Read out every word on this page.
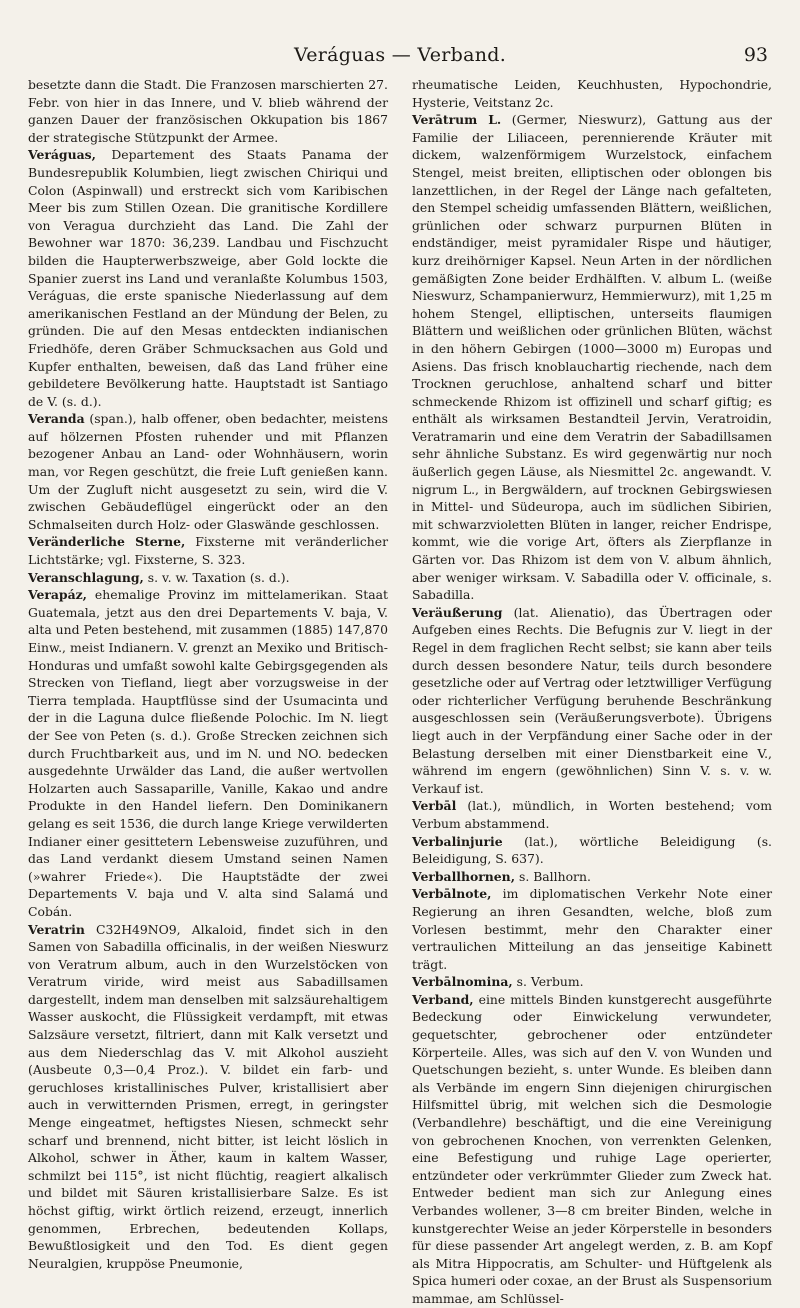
Veráguas — Verband.	93

besetzte dann die Stadt. Die Franzosen marschierten 27. Febr. von hier in das Innere, und V. blieb während der ganzen Dauer der französischen Okkupation bis 1867 der strategische Stützpunkt der Armee.

Veráguas, Departement des Staats Panama der Bundesrepublik Kolumbien, liegt zwischen Chiriqui und Colon (Aspinwall) und erstreckt sich vom Karibischen Meer bis zum Stillen Ozean. Die granitische Kordillere von Veragua durchzieht das Land. Die Zahl der Bewohner war 1870: 36,239. Landbau und Fischzucht bilden die Haupterwerbszweige, aber Gold lockte die Spanier zuerst ins Land und veranlaßte Kolumbus 1503, Veráguas, die erste spanische Niederlassung auf dem amerikanischen Festland an der Mündung der Belen, zu gründen. Die auf den Mesas entdeckten indianischen Friedhöfe, deren Gräber Schmucksachen aus Gold und Kupfer enthalten, beweisen, daß das Land früher eine gebildetere Bevölkerung hatte. Hauptstadt ist Santiago de V. (s. d.).

Veranda (span.), halb offener, oben bedachter, meistens auf hölzernen Pfosten ruhender und mit Pflanzen bezogener Anbau an Land- oder Wohnhäusern, worin man, vor Regen geschützt, die freie Luft genießen kann. Um der Zugluft nicht ausgesetzt zu sein, wird die V. zwischen Gebäudeflügel eingerückt oder an den Schmalseiten durch Holz- oder Glaswände geschlossen.

Veränderliche Sterne, Fixsterne mit veränderlicher Lichtstärke; vgl. Fixsterne, S. 323.

Veranschlagung, s. v. w. Taxation (s. d.).

Verapáz, ehemalige Provinz im mittelamerikan. Staat Guatemala, jetzt aus den drei Departements V. baja, V. alta und Peten bestehend, mit zusammen (1885) 147,870 Einw., meist Indianern. V. grenzt an Mexiko und Britisch-Honduras und umfaßt sowohl kalte Gebirgsgegenden als Strecken von Tiefland, liegt aber vorzugsweise in der Tierra templada. Hauptflüsse sind der Usumacinta und der in die Laguna dulce fließende Polochic. Im N. liegt der See von Peten (s. d.). Große Strecken zeichnen sich durch Fruchtbarkeit aus, und im N. und NO. bedecken ausgedehnte Urwälder das Land, die außer wertvollen Holzarten auch Sassaparille, Vanille, Kakao und andre Produkte in den Handel liefern. Den Dominikanern gelang es seit 1536, die durch lange Kriege verwilderten Indianer einer gesittetern Lebensweise zuzuführen, und das Land verdankt diesem Umstand seinen Namen (»wahrer Friede«). Die Hauptstädte der zwei Departements V. baja und V. alta sind Salamá und Cobán.

Veratrin C32H49NO9, Alkaloid, findet sich in den Samen von Sabadilla officinalis, in der weißen Nieswurz von Veratrum album, auch in den Wurzelstöcken von Veratrum viride, wird meist aus Sabadillsamen dargestellt, indem man denselben mit salzsäurehaltigem Wasser auskocht, die Flüssigkeit verdampft, mit etwas Salzsäure versetzt, filtriert, dann mit Kalk versetzt und aus dem Niederschlag das V. mit Alkohol auszieht (Ausbeute 0,3—0,4 Proz.). V. bildet ein farb- und geruchloses kristallinisches Pulver, kristallisiert aber auch in verwitternden Prismen, erregt, in geringster Menge eingeatmet, heftigstes Niesen, schmeckt sehr scharf und brennend, nicht bitter, ist leicht löslich in Alkohol, schwer in Äther, kaum in kaltem Wasser, schmilzt bei 115°, ist nicht flüchtig, reagiert alkalisch und bildet mit Säuren kristallisierbare Salze. Es ist höchst giftig, wirkt örtlich reizend, erzeugt, innerlich genommen, Erbrechen, bedeutenden Kollaps, Bewußtlosigkeit und den Tod. Es dient gegen Neuralgien, kruppöse Pneumonie,

rheumatische Leiden, Keuchhusten, Hypochondrie, Hysterie, Veitstanz 2c.

Verātrum L. (Germer, Nieswurz), Gattung aus der Familie der Liliaceen, perennierende Kräuter mit dickem, walzenförmigem Wurzelstock, einfachem Stengel, meist breiten, elliptischen oder oblongen bis lanzettlichen, in der Regel der Länge nach gefalteten, den Stempel scheidig umfassenden Blättern, weißlichen, grünlichen oder schwarz purpurnen Blüten in endständiger, meist pyramidaler Rispe und häutiger, kurz dreihörniger Kapsel. Neun Arten in der nördlichen gemäßigten Zone beider Erdhälften. V. album L. (weiße Nieswurz, Schampanierwurz, Hemmierwurz), mit 1,25 m hohem Stengel, elliptischen, unterseits flaumigen Blättern und weißlichen oder grünlichen Blüten, wächst in den höhern Gebirgen (1000—3000 m) Europas und Asiens. Das frisch knoblauchartig riechende, nach dem Trocknen geruchlose, anhaltend scharf und bitter schmeckende Rhizom ist offizinell und scharf giftig; es enthält als wirksamen Bestandteil Jervin, Veratroidin, Veratramarin und eine dem Veratrin der Sabadillsamen sehr ähnliche Substanz. Es wird gegenwärtig nur noch äußerlich gegen Läuse, als Niesmittel 2c. angewandt. V. nigrum L., in Bergwäldern, auf trocknen Gebirgswiesen in Mittel- und Südeuropa, auch im südlichen Sibirien, mit schwarzvioletten Blüten in langer, reicher Endrispe, kommt, wie die vorige Art, öfters als Zierpflanze in Gärten vor. Das Rhizom ist dem von V. album ähnlich, aber weniger wirksam. V. Sabadilla oder V. officinale, s. Sabadilla.

Veräußerung (lat. Alienatio), das Übertragen oder Aufgeben eines Rechts. Die Befugnis zur V. liegt in der Regel in dem fraglichen Recht selbst; sie kann aber teils durch dessen besondere Natur, teils durch besondere gesetzliche oder auf Vertrag oder letztwilliger Verfügung oder richterlicher Verfügung beruhende Beschränkung ausgeschlossen sein (Veräußerungsverbote). Übrigens liegt auch in der Verpfändung einer Sache oder in der Belastung derselben mit einer Dienstbarkeit eine V., während im engern (gewöhnlichen) Sinn V. s. v. w. Verkauf ist.

Verbāl (lat.), mündlich, in Worten bestehend; vom Verbum abstammend.

Verbalinjurie (lat.), wörtliche Beleidigung (s. Beleidigung, S. 637).

Verballhornen, s. Ballhorn.

Verbālnote, im diplomatischen Verkehr Note einer Regierung an ihren Gesandten, welche, bloß zum Vorlesen bestimmt, mehr den Charakter einer vertraulichen Mitteilung an das jenseitige Kabinett trägt.

Verbālnomina, s. Verbum.

Verband, eine mittels Binden kunstgerecht ausgeführte Bedeckung oder Einwickelung verwundeter, gequetschter, gebrochener oder entzündeter Körperteile. Alles, was sich auf den V. von Wunden und Quetschungen bezieht, s. unter Wunde. Es bleiben dann als Verbände im engern Sinn diejenigen chirurgischen Hilfsmittel übrig, mit welchen sich die Desmologie (Verbandlehre) beschäftigt, und die eine Vereinigung von gebrochenen Knochen, von verrenkten Gelenken, eine Befestigung und ruhige Lage operierter, entzündeter oder verkrümmter Glieder zum Zweck hat. Entweder bedient man sich zur Anlegung eines Verbandes wollener, 3—8 cm breiter Binden, welche in kunstgerechter Weise an jeder Körperstelle in besonders für diese passender Art angelegt werden, z. B. am Kopf als Mitra Hippocratis, am Schulter- und Hüftgelenk als Spica humeri oder coxae, an der Brust als Suspensorium mammae, am Schlüssel-
